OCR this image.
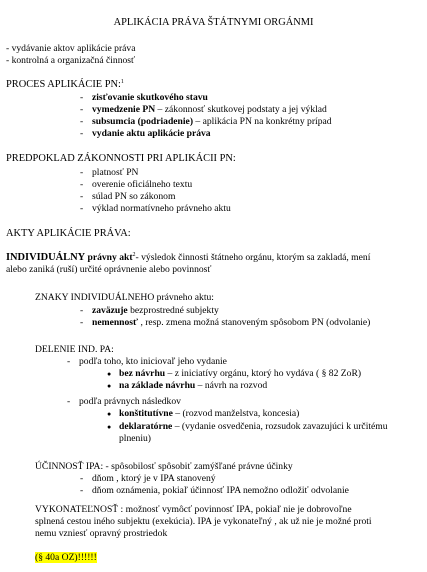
APLIKÁCIA PRÁVA ŠTÁTNYMI ORGÁNMI
- vydávanie aktov aplikácie práva
- kontrolná a organizačná činnosť
PROCES APLIKÁCIE PN:$^1$
- zisťovanie skutkového stavu
- vymedzenie PN – zákonnosť skutkovej podstaty a jej výklad
- subsumcia (podriadenie) – aplikácia PN na konkrétny prípad
- vydanie aktu aplikácie práva
PREDPOKLAD ZÁKONNOSTI PRI APLIKÁCII PN:
- platnosť PN
- overenie oficiálneho textu
- súlad PN so zákonom
- výklad normatívneho právneho aktu
AKTY APLIKÁCIE PRÁVA:
INDIVIDUÁLNY právny akt$^2$- výsledok činnosti štátneho orgánu, ktorým sa zakladá, mení
alebo zaniká (ruší) určité oprávnenie alebo povinnosť
ZNAKY INDIVIDUÁLNEHO právneho aktu:
- zaväzuje bezprostredné subjekty
- nemennosť , resp. zmena možná stanoveným spôsobom PN (odvolanie)
DELENIE IND. PA:
- podľa toho, kto iniciovaľ jeho vydanie
● bez návrhu – z iniciatívy orgánu, ktorý ho vydáva ( § 82 ZoR)
● na základe návrhu – návrh na rozvod
- podľa právnych následkov
● konštitutívne – (rozvod manželstva, koncesia)
● deklaratórne – (vydanie osvedčenia, rozsudok zavazujúci k určitému
plneniu)
ÚČINNOSŤ IPA: - spôsobilosť spôsobiť zamýšľané právne účinky
- dňom , ktorý je v IPA stanovený
- dňom oznámenia, pokiaľ účinnosť IPA nemožno odložiť odvolanie
VYKONATEĽNOSŤ : možnosť vymôcť povinnosť IPA, pokiaľ nie je dobrovoľne
splnená cestou iného subjektu (exekúcia). IPA je vykonateľný , ak už nie je možné proti
nemu vzniesť opravný prostriedok
(§ 40a OZ)!!!!!!
